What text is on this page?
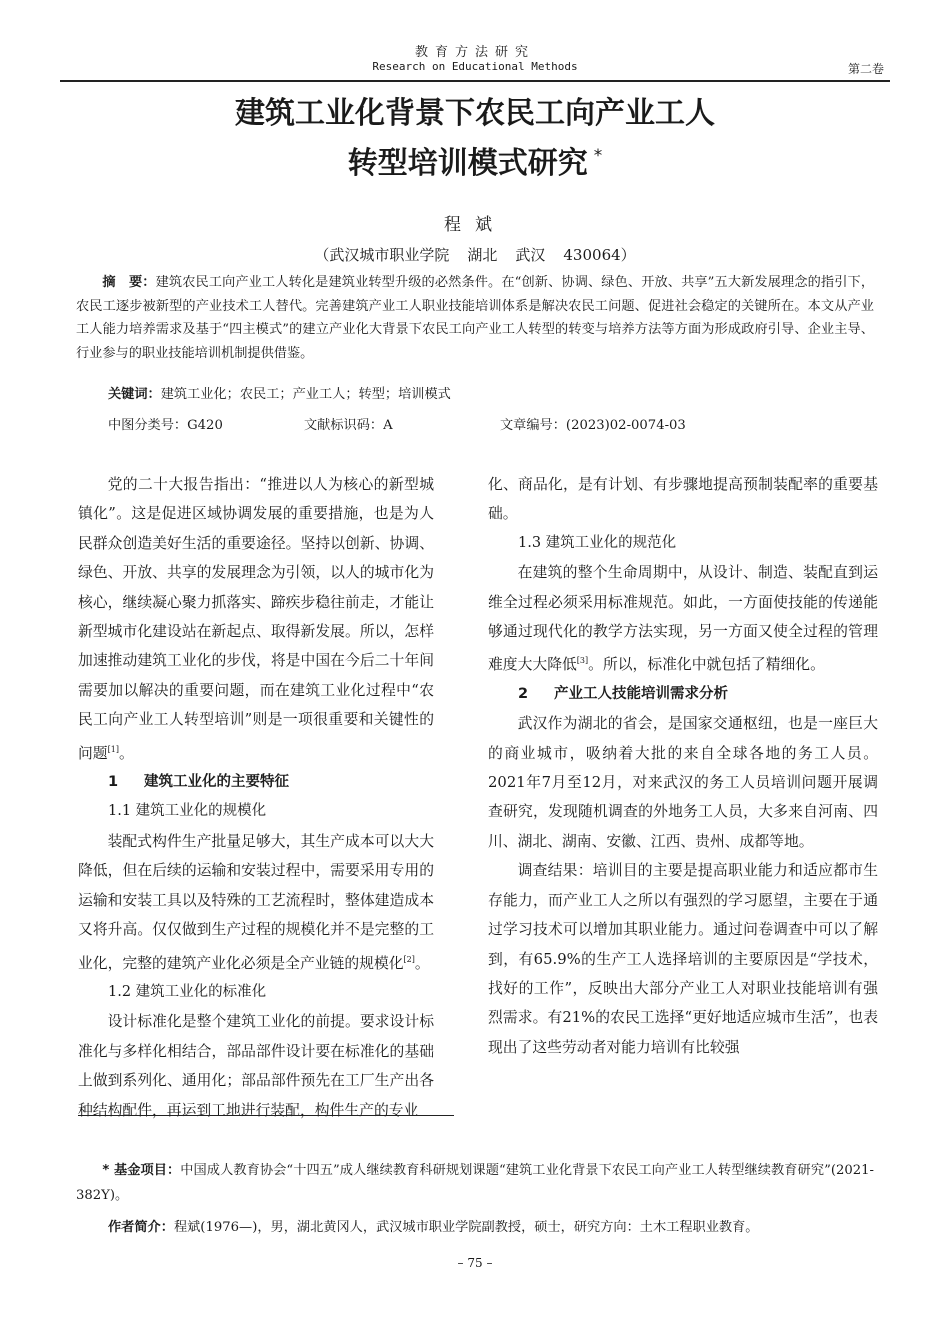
教育方法研究
Research on Educational Methods	第二卷
建筑工业化背景下农民工向产业工人
转型培训模式研究 *
程斌
（武汉城市职业学院 湖北 武汉 430064）
摘　要：建筑农民工向产业工人转化是建筑业转型升级的必然条件。在“创新、协调、绿色、开放、共享”五大新发展理念的指引下，农民工逐步被新型的产业技术工人替代。完善建筑产业工人职业技能培训体系是解决农民工问题、促进社会稳定的关键所在。本文从产业工人能力培养需求及基于“四主模式”的建立产业化大背景下农民工向产业工人转型的转变与培养方法等方面为形成政府引导、企业主导、行业参与的职业技能培训机制提供借鉴。
关键词：建筑工业化；农民工；产业工人；转型；培训模式
中图分类号：G420	文献标识码：A	文章编号：(2023)02-0074-03

党的二十大报告指出：“推进以人为核心的新型城镇化”。这是促进区域协调发展的重要措施，也是为人民群众创造美好生活的重要途径。坚持以创新、协调、绿色、开放、共享的发展理念为引领，以人的城市化为核心，继续凝心聚力抓落实、蹄疾步稳往前走，才能让新型城市化建设站在新起点、取得新发展。所以，怎样加速推动建筑工业化的步伐，将是中国在今后二十年间需要加以解决的重要问题，而在建筑工业化过程中“农民工向产业工人转型培训”则是一项很重要和关键性的问题[1]。

1 建筑工业化的主要特征
1.1 建筑工业化的规模化

装配式构件生产批量足够大，其生产成本可以大大降低，但在后续的运输和安装过程中，需要采用专用的运输和安装工具以及特殊的工艺流程时，整体建造成本又将升高。仅仅做到生产过程的规模化并不是完整的工业化，完整的建筑产业化必须是全产业链的规模化[2]。

1.2 建筑工业化的标准化

设计标准化是整个建筑工业化的前提。要求设计标准化与多样化相结合，部品部件设计要在标准化的基础上做到系列化、通用化；部品部件预先在工厂生产出各种结构配件，再运到工地进行装配，构件生产的专业

化、商品化，是有计划、有步骤地提高预制装配率的重要基础。

1.3 建筑工业化的规范化

在建筑的整个生命周期中，从设计、制造、装配直到运维全过程必须采用标准规范。如此，一方面使技能的传递能够通过现代化的教学方法实现，另一方面又使全过程的管理难度大大降低[3]。所以，标准化中就包括了精细化。

2 产业工人技能培训需求分析

武汉作为湖北的省会，是国家交通枢纽，也是一座巨大的商业城市，吸纳着大批的来自全球各地的务工人员。2021年7月至12月，对来武汉的务工人员培训问题开展调查研究，发现随机调查的外地务工人员，大多来自河南、四川、湖北、湖南、安徽、江西、贵州、成都等地。

调查结果：培训目的主要是提高职业能力和适应都市生存能力，而产业工人之所以有强烈的学习愿望，主要在于通过学习技术可以增加其职业能力。通过问卷调查中可以了解到，有65.9%的生产工人选择培训的主要原因是“学技术，找好的工作”，反映出大部分产业工人对职业技能培训有强烈需求。有21%的农民工选择“更好地适应城市生活”，也表现出了这些劳动者对能力培训有比较强

* 基金项目：中国成人教育协会“十四五”成人继续教育科研规划课题“建筑工业化背景下农民工向产业工人转型继续教育研究”(2021-382Y)。
作者简介：程斌(1976—)，男，湖北黄冈人，武汉城市职业学院副教授，硕士，研究方向：土木工程职业教育。
– 75 –
